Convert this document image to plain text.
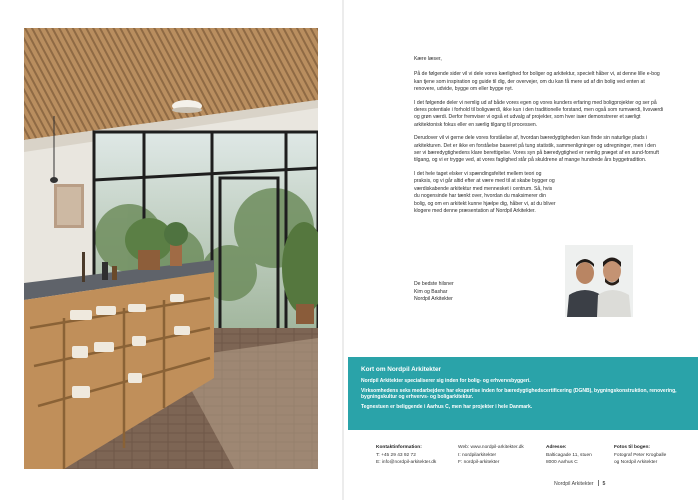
Kære læser,

På de følgende sider vil vi dele vores kærlighed for boliger og arkitektur, specielt håber vi, at denne lille e-bog kan tjene som inspiration og guide til dig, der overvejer, om du kan få mere ud af din bolig ved enten at renovere, udvide, bygge om eller bygge nyt.

I det følgende deler vi nemlig ud af både vores egen og vores kunders erfaring med boligprojekter og ser på deres potentiale i forhold til boligværdi, ikke kun i den traditionelle forstand, men også som rumværdi, livsværdi og grøn værdi. Derfor fremviser vi også et udvalg af projekter, som hver især demonstrerer et særligt arkitektonisk fokus eller en særlig tilgang til processen.

Derudover vil vi gerne dele vores forståelse af, hvordan bæredygtigheden kan finde sin naturlige plads i arkitekturen. Det er ikke en forståelse baseret på tung statistik, sammenligninger og udregninger, men i den ser vi bæredygtighedens klare berettigelse. Vores syn på bæredygtighed er nemlig præget af en sund-fornuft tilgang, og vi er trygge ved, at vores faglighed står på skuldrene af mange hundrede års byggetradition.

I det hele taget elsker vi spændingsfeltet mellem teori og praksis, og vi går altid efter at være med til at skabe bygger og værdiskabende arkitektur med mennesket i centrum. Så, hvis du nogensinde har tænkt over, hvordan du maksimerer din bolig, og om en arkitekt kunne hjælpe dig, håber vi, at du bliver klogere med denne præsentation af Nordpil Arkitekter.

De bedste hilsner
Kim og Bashar
Nordpil Arkitekter
Kort om Nordpil Arkitekter
Nordpil Arkitekter specialiserer sig inden for bolig- og erhvervsbyggeri.
Virksomhedens seks medarbejdere har ekspertise inden for bæredygtighedscertificering (DGNB), bygningskonstruktion, renovering, bygningskultur og erhvervs- og boligarkitektur.
Tegnestuen er beliggende i Aarhus C, men har projekter i hele Danmark.
Kontaktinformation:
T: +45 29 43 92 72
E: info@nordpil-arkitekter.dk
Web: www.nordpil-arkitekter.dk
I: nordpilarkitekter
F: nordpil-arkitekter
Adresse:
Balticagade 11, stuen
8000 Aarhus C
Fotos til bogen:
Fotograf Peter Krogballe
og Nordpil Arkitekter
Nordpil Arkitekter 5
